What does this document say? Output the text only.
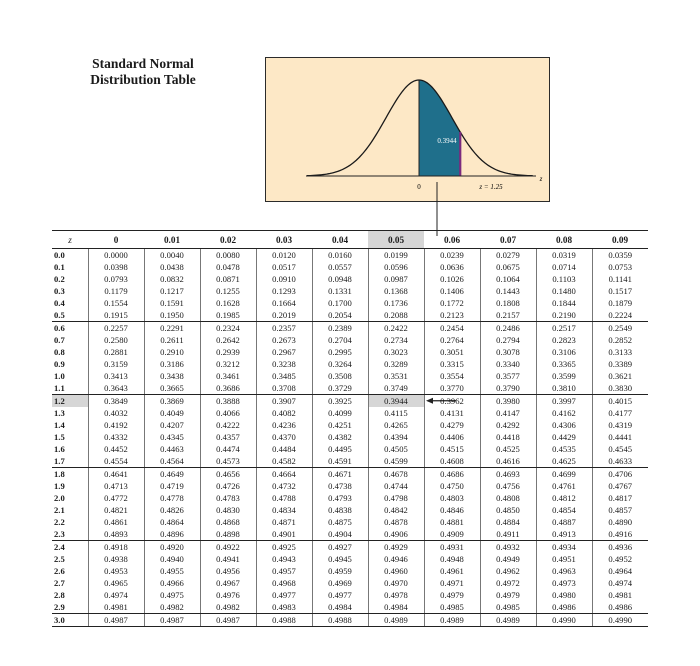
Standard Normal
Distribution Table
0.3944
0	z = 1.25
z
z	0	0.01	0.02	0.03	0.04	0.05	0.06	0.07	0.08	0.09
0.0	0.0000	0.0040	0.0080	0.0120	0.0160	0.0199	0.0239	0.0279	0.0319	0.0359
0.1	0.0398	0.0438	0.0478	0.0517	0.0557	0.0596	0.0636	0.0675	0.0714	0.0753
0.2	0.0793	0.0832	0.0871	0.0910	0.0948	0.0987	0.1026	0.1064	0.1103	0.1141
0.3	0.1179	0.1217	0.1255	0.1293	0.1331	0.1368	0.1406	0.1443	0.1480	0.1517
0.4	0.1554	0.1591	0.1628	0.1664	0.1700	0.1736	0.1772	0.1808	0.1844	0.1879
0.5	0.1915	0.1950	0.1985	0.2019	0.2054	0.2088	0.2123	0.2157	0.2190	0.2224
0.6	0.2257	0.2291	0.2324	0.2357	0.2389	0.2422	0.2454	0.2486	0.2517	0.2549
0.7	0.2580	0.2611	0.2642	0.2673	0.2704	0.2734	0.2764	0.2794	0.2823	0.2852
0.8	0.2881	0.2910	0.2939	0.2967	0.2995	0.3023	0.3051	0.3078	0.3106	0.3133
0.9	0.3159	0.3186	0.3212	0.3238	0.3264	0.3289	0.3315	0.3340	0.3365	0.3389
1.0	0.3413	0.3438	0.3461	0.3485	0.3508	0.3531	0.3554	0.3577	0.3599	0.3621
1.1	0.3643	0.3665	0.3686	0.3708	0.3729	0.3749	0.3770	0.3790	0.3810	0.3830
1.2	0.3849	0.3869	0.3888	0.3907	0.3925	0.3944	0.3962	0.3980	0.3997	0.4015
1.3	0.4032	0.4049	0.4066	0.4082	0.4099	0.4115	0.4131	0.4147	0.4162	0.4177
1.4	0.4192	0.4207	0.4222	0.4236	0.4251	0.4265	0.4279	0.4292	0.4306	0.4319
1.5	0.4332	0.4345	0.4357	0.4370	0.4382	0.4394	0.4406	0.4418	0.4429	0.4441
1.6	0.4452	0.4463	0.4474	0.4484	0.4495	0.4505	0.4515	0.4525	0.4535	0.4545
1.7	0.4554	0.4564	0.4573	0.4582	0.4591	0.4599	0.4608	0.4616	0.4625	0.4633
1.8	0.4641	0.4649	0.4656	0.4664	0.4671	0.4678	0.4686	0.4693	0.4699	0.4706
1.9	0.4713	0.4719	0.4726	0.4732	0.4738	0.4744	0.4750	0.4756	0.4761	0.4767
2.0	0.4772	0.4778	0.4783	0.4788	0.4793	0.4798	0.4803	0.4808	0.4812	0.4817
2.1	0.4821	0.4826	0.4830	0.4834	0.4838	0.4842	0.4846	0.4850	0.4854	0.4857
2.2	0.4861	0.4864	0.4868	0.4871	0.4875	0.4878	0.4881	0.4884	0.4887	0.4890
2.3	0.4893	0.4896	0.4898	0.4901	0.4904	0.4906	0.4909	0.4911	0.4913	0.4916
2.4	0.4918	0.4920	0.4922	0.4925	0.4927	0.4929	0.4931	0.4932	0.4934	0.4936
2.5	0.4938	0.4940	0.4941	0.4943	0.4945	0.4946	0.4948	0.4949	0.4951	0.4952
2.6	0.4953	0.4955	0.4956	0.4957	0.4959	0.4960	0.4961	0.4962	0.4963	0.4964
2.7	0.4965	0.4966	0.4967	0.4968	0.4969	0.4970	0.4971	0.4972	0.4973	0.4974
2.8	0.4974	0.4975	0.4976	0.4977	0.4977	0.4978	0.4979	0.4979	0.4980	0.4981
2.9	0.4981	0.4982	0.4982	0.4983	0.4984	0.4984	0.4985	0.4985	0.4986	0.4986
3.0	0.4987	0.4987	0.4987	0.4988	0.4988	0.4989	0.4989	0.4989	0.4990	0.4990
